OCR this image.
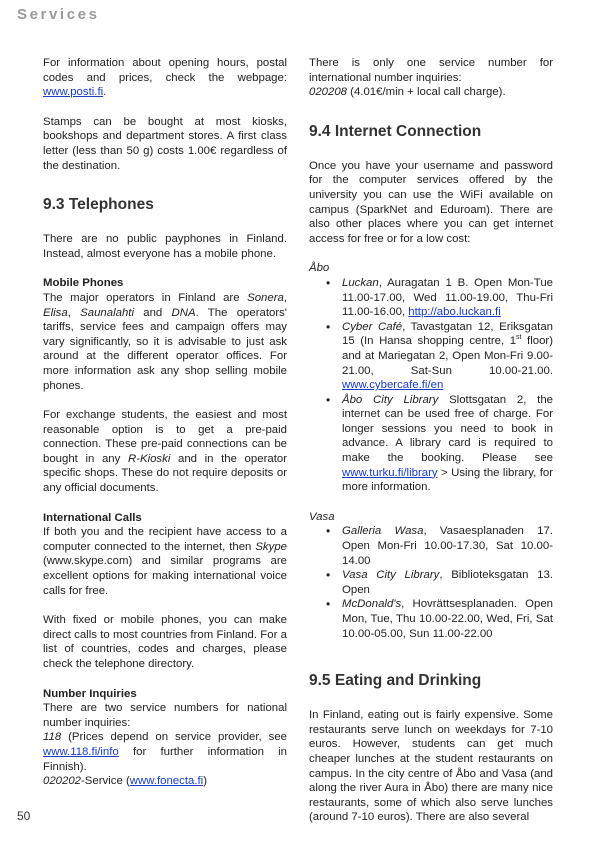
Services

For information about opening hours, postal codes and prices, check the webpage: www.posti.fi.

Stamps can be bought at most kiosks, bookshops and department stores. A first class letter (less than 50 g) costs 1.00€ regardless of the destination.

9.3 Telephones

There are no public payphones in Finland. Instead, almost everyone has a mobile phone.

Mobile Phones

The major operators in Finland are Sonera, Elisa, Saunalahti and DNA. The operators' tariffs, service fees and campaign offers may vary significantly, so it is advisable to just ask around at the different operator offices. For more information ask any shop selling mobile phones.

For exchange students, the easiest and most reasonable option is to get a pre-paid connection. These pre-paid connections can be bought in any R-Kioski and in the operator specific shops. These do not require deposits or any official documents.

International Calls

If both you and the recipient have access to a computer connected to the internet, then Skype (www.skype.com) and similar programs are excellent options for making international voice calls for free.

With fixed or mobile phones, you can make direct calls to most countries from Finland. For a list of countries, codes and charges, please check the telephone directory.

Number Inquiries

There are two service numbers for national number inquiries:

118 (Prices depend on service provider, see www.118.fi/info for further information in Finnish).

020202-Service (www.fonecta.fi)

There is only one service number for international number inquiries:

020208 (4.01€/min + local call charge).

9.4 Internet Connection

Once you have your username and password for the computer services offered by the university you can use the WiFi available on campus (SparkNet and Eduroam). There are also other places where you can get internet access for free or for a low cost:

Åbo

• Luckan, Auragatan 1 B. Open Mon-Tue 11.00-17.00, Wed 11.00-19.00, Thu-Fri 11.00-16.00, http://abo.luckan.fi
• Cyber Café, Tavastgatan 12, Eriksgatan 15 (In Hansa shopping centre, 1st floor) and at Mariegatan 2, Open Mon-Fri 9.00-21.00, Sat-Sun 10.00-21.00. www.cybercafe.fi/en
• Åbo City Library Slottsgatan 2, the internet can be used free of charge. For longer sessions you need to book in advance. A library card is required to make the booking. Please see www.turku.fi/library > Using the library, for more information.

Vasa

• Galleria Wasa, Vasaesplanaden 17. Open Mon-Fri 10.00-17.30, Sat 10.00-14.00
• Vasa City Library, Biblioteksgatan 13. Open
• McDonald's, Hovrättsesplanaden. Open Mon, Tue, Thu 10.00-22.00, Wed, Fri, Sat 10.00-05.00, Sun 11.00-22.00
9.5 Eating and Drinking

In Finland, eating out is fairly expensive. Some restaurants serve lunch on weekdays for 7-10 euros. However, students can get much cheaper lunches at the student restaurants on campus. In the city centre of Åbo and Vasa (and along the river Aura in Åbo) there are many nice restaurants, some of which also serve lunches (around 7-10 euros). There are also several

50
